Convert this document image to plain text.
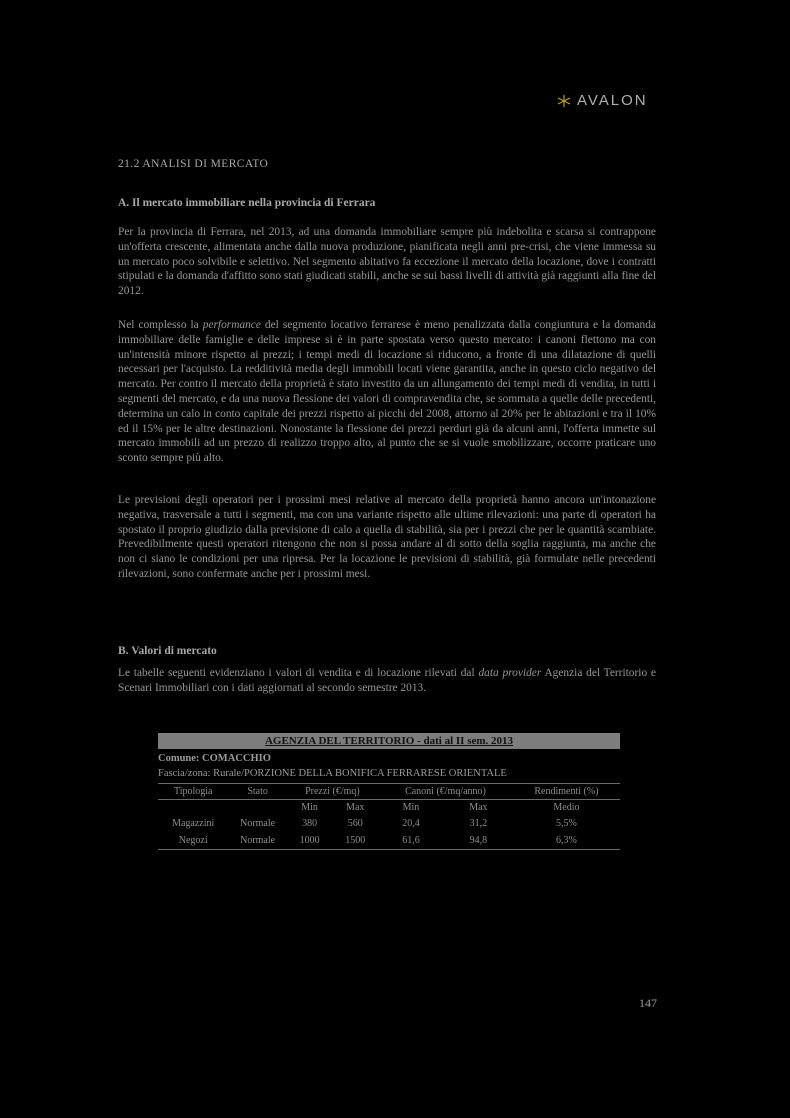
AVALON
21.2 ANALISI DI MERCATO
A. Il mercato immobiliare nella provincia di Ferrara

Per la provincia di Ferrara, nel 2013, ad una domanda immobiliare sempre più indebolita e scarsa si contrappone un'offerta crescente, alimentata anche dalla nuova produzione, pianificata negli anni pre-crisi, che viene immessa su un mercato poco solvibile e selettivo. Nel segmento abitativo fa eccezione il mercato della locazione, dove i contratti stipulati e la domanda d'affitto sono stati giudicati stabili, anche se sui bassi livelli di attività già raggiunti alla fine del 2012.

Nel complesso la performance del segmento locativo ferrarese è meno penalizzata dalla congiuntura e la domanda immobiliare delle famiglie e delle imprese si è in parte spostata verso questo mercato: i canoni flettono ma con un'intensità minore rispetto ai prezzi; i tempi medi di locazione si riducono, a fronte di una dilatazione di quelli necessari per l'acquisto. La redditività media degli immobili locati viene garantita, anche in questo ciclo negativo del mercato. Per contro il mercato della proprietà è stato investito da un allungamento dei tempi medi di vendita, in tutti i segmenti del mercato, e da una nuova flessione dei valori di compravendita che, se sommata a quelle delle precedenti, determina un calo in conto capitale dei prezzi rispetto ai picchi del 2008, attorno al 20% per le abitazioni e tra il 10% ed il 15% per le altre destinazioni. Nonostante la flessione dei prezzi perduri già da alcuni anni, l'offerta immette sul mercato immobili ad un prezzo di realizzo troppo alto, al punto che se si vuole smobilizzare, occorre praticare uno sconto sempre più alto.

Le previsioni degli operatori per i prossimi mesi relative al mercato della proprietà hanno ancora un'intonazione negativa, trasversale a tutti i segmenti, ma con una variante rispetto alle ultime rilevazioni: una parte di operatori ha spostato il proprio giudizio dalla previsione di calo a quella di stabilità, sia per i prezzi che per le quantità scambiate. Prevedibilmente questi operatori ritengono che non si possa andare al di sotto della soglia raggiunta, ma anche che non ci siano le condizioni per una ripresa. Per la locazione le previsioni di stabilità, già formulate nelle precedenti rilevazioni, sono confermate anche per i prossimi mesi.

B. Valori di mercato

Le tabelle seguenti evidenziano i valori di vendita e di locazione rilevati dal data provider Agenzia del Territorio e Scenari Immobiliari con i dati aggiornati al secondo semestre 2013.

AGENZIA DEL TERRITORIO - dati al II sem. 2013
Comune: COMACCHIO
Fascia/zona: Rurale/PORZIONE DELLA BONIFICA FERRARESE ORIENTALE
Tipologia	Stato	Prezzi (€/mq)		Canoni (€/mq/anno)		Rendimenti (%)
		Min	Max	Min	Max	Medio
Magazzini	Normale	380	560	20,4	31,2	5,5%
Negozi	Normale	1000	1500	61,6	94,8	6,3%
147
